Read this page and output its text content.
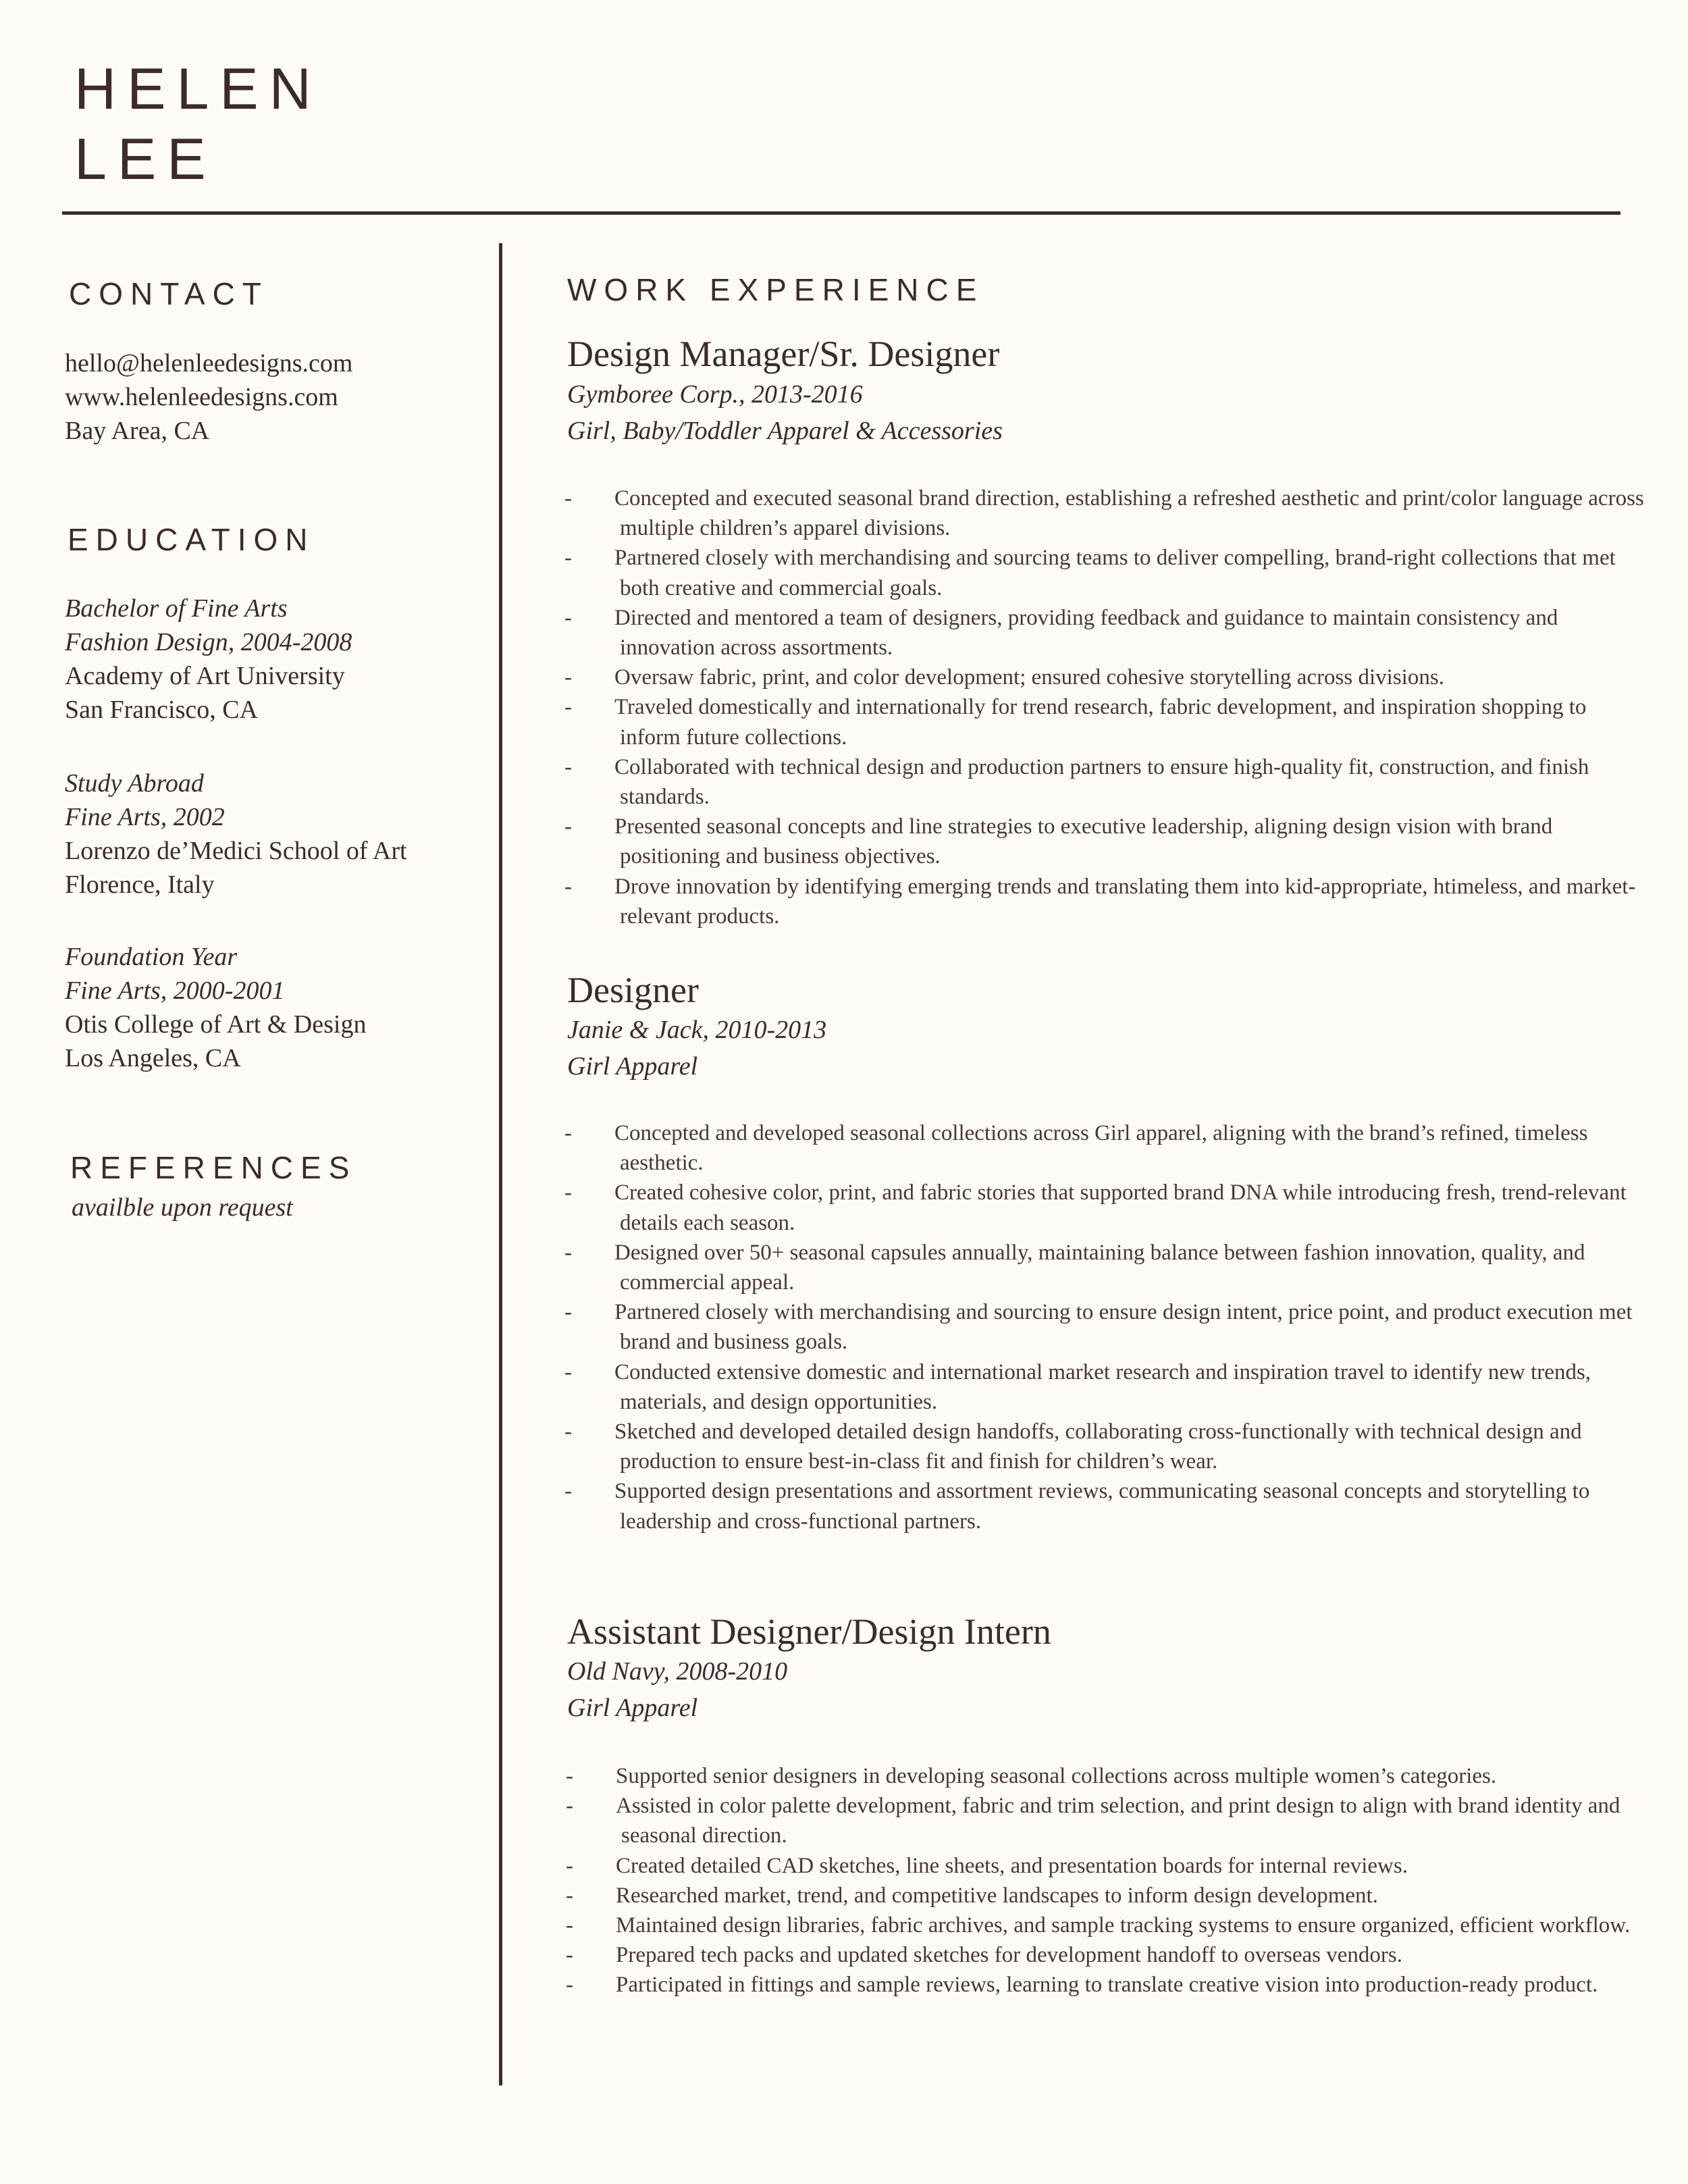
HELEN
LEE
CONTACT
hello@helenleedesigns.com
www.helenleedesigns.com
Bay Area, CA
EDUCATION
Bachelor of Fine Arts
Fashion Design, 2004-2008
Academy of Art University
San Francisco, CA
Study Abroad
Fine Arts, 2002
Lorenzo de’Medici School of Art
Florence, Italy
Foundation Year
Fine Arts, 2000-2001
Otis College of Art & Design
Los Angeles, CA
REFERENCES
availble upon request
WORK EXPERIENCE
Design Manager/Sr. Designer
Gymboree Corp., 2013-2016
Girl, Baby/Toddler Apparel & Accessories
- Concepted and executed seasonal brand direction, establishing a refreshed aesthetic and print/color language across multiple children’s apparel divisions.
- Partnered closely with merchandising and sourcing teams to deliver compelling, brand-right collections that met both creative and commercial goals.
- Directed and mentored a team of designers, providing feedback and guidance to maintain consistency and innovation across assortments.
- Oversaw fabric, print, and color development; ensured cohesive storytelling across divisions.
- Traveled domestically and internationally for trend research, fabric development, and inspiration shopping to inform future collections.
- Collaborated with technical design and production partners to ensure high-quality fit, construction, and finish standards.
- Presented seasonal concepts and line strategies to executive leadership, aligning design vision with brand positioning and business objectives.
- Drove innovation by identifying emerging trends and translating them into kid-appropriate, htimeless, and market-relevant products.
Designer
Janie & Jack, 2010-2013
Girl Apparel
- Concepted and developed seasonal collections across Girl apparel, aligning with the brand’s refined, timeless aesthetic.
- Created cohesive color, print, and fabric stories that supported brand DNA while introducing fresh, trend-relevant details each season.
- Designed over 50+ seasonal capsules annually, maintaining balance between fashion innovation, quality, and commercial appeal.
- Partnered closely with merchandising and sourcing to ensure design intent, price point, and product execution met brand and business goals.
- Conducted extensive domestic and international market research and inspiration travel to identify new trends, materials, and design opportunities.
- Sketched and developed detailed design handoffs, collaborating cross-functionally with technical design and production to ensure best-in-class fit and finish for children’s wear.
- Supported design presentations and assortment reviews, communicating seasonal concepts and storytelling to leadership and cross-functional partners.
Assistant Designer/Design Intern
Old Navy, 2008-2010
Girl Apparel
- Supported senior designers in developing seasonal collections across multiple women’s categories.
- Assisted in color palette development, fabric and trim selection, and print design to align with brand identity and seasonal direction.
- Created detailed CAD sketches, line sheets, and presentation boards for internal reviews.
- Researched market, trend, and competitive landscapes to inform design development.
- Maintained design libraries, fabric archives, and sample tracking systems to ensure organized, efficient workflow.
- Prepared tech packs and updated sketches for development handoff to overseas vendors.
- Participated in fittings and sample reviews, learning to translate creative vision into production-ready product.
